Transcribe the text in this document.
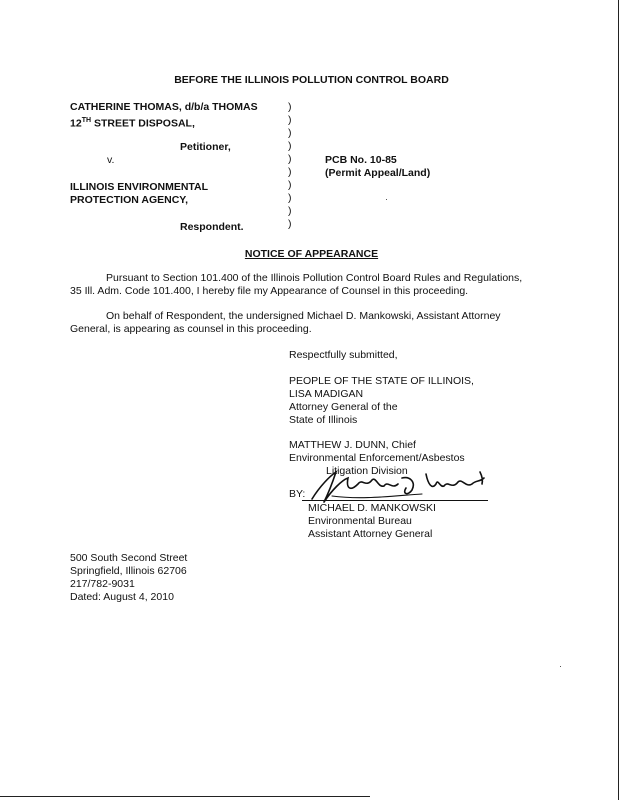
BEFORE THE ILLINOIS POLLUTION CONTROL BOARD
CATHERINE THOMAS, d/b/a THOMAS
12TH STREET DISPOSAL,
Petitioner,
v.
ILLINOIS ENVIRONMENTAL
PROTECTION AGENCY,
Respondent.
)
)
)
)
)
)
)
)
)
)
PCB No. 10-85
(Permit Appeal/Land)
NOTICE OF APPEARANCE
Pursuant to Section 101.400 of the Illinois Pollution Control Board Rules and Regulations,
35 Ill. Adm. Code 101.400, I hereby file my Appearance of Counsel in this proceeding.
On behalf of Respondent, the undersigned Michael D. Mankowski, Assistant Attorney
General, is appearing as counsel in this proceeding.
Respectfully submitted,
PEOPLE OF THE STATE OF ILLINOIS,
LISA MADIGAN
Attorney General of the
State of Illinois
MATTHEW J. DUNN, Chief
Environmental Enforcement/Asbestos
Litigation Division
BY:
MICHAEL D. MANKOWSKI
Environmental Bureau
Assistant Attorney General
500 South Second Street
Springfield, Illinois 62706
217/782-9031
Dated: August 4, 2010
